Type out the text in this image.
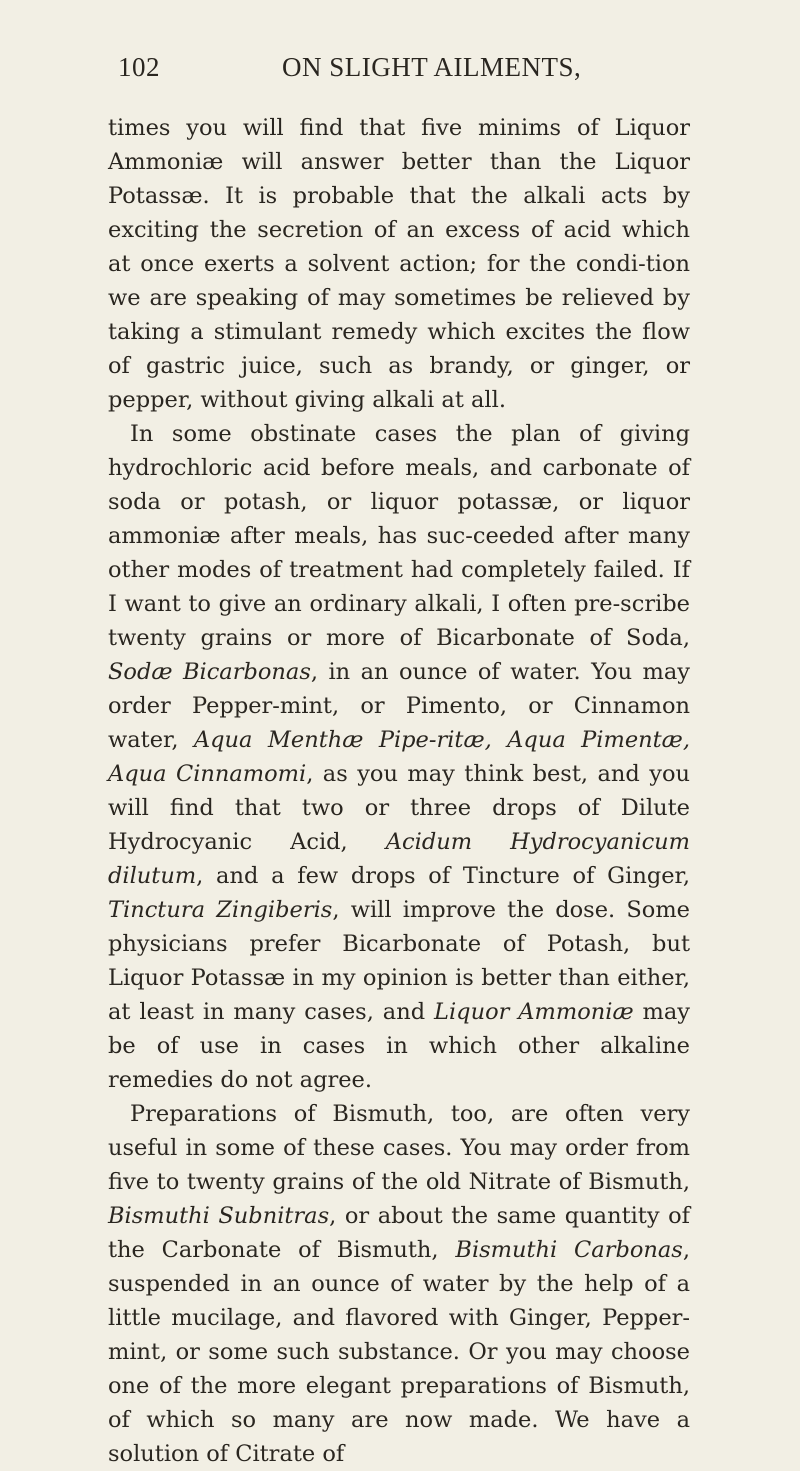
102	ON SLIGHT AILMENTS,

times you will find that five minims of Liquor Ammoniæ will answer better than the Liquor Potassæ. It is probable that the alkali acts by exciting the secretion of an excess of acid which at once exerts a solvent action; for the condi-tion we are speaking of may sometimes be relieved by taking a stimulant remedy which excites the flow of gastric juice, such as brandy, or ginger, or pepper, without giving alkali at all.

In some obstinate cases the plan of giving hydrochloric acid before meals, and carbonate of soda or potash, or liquor potassæ, or liquor ammoniæ after meals, has suc-ceeded after many other modes of treatment had completely failed. If I want to give an ordinary alkali, I often pre-scribe twenty grains or more of Bicarbonate of Soda, Sodæ Bicarbonas, in an ounce of water. You may order Pepper-mint, or Pimento, or Cinnamon water, Aqua Menthæ Pipe-ritæ, Aqua Pimentæ, Aqua Cinnamomi, as you may think best, and you will find that two or three drops of Dilute Hydrocyanic Acid, Acidum Hydrocyanicum dilutum, and a few drops of Tincture of Ginger, Tinctura Zingiberis, will improve the dose. Some physicians prefer Bicarbonate of Potash, but Liquor Potassæ in my opinion is better than either, at least in many cases, and Liquor Ammoniæ may be of use in cases in which other alkaline remedies do not agree.

Preparations of Bismuth, too, are often very useful in some of these cases. You may order from five to twenty grains of the old Nitrate of Bismuth, Bismuthi Subnitras, or about the same quantity of the Carbonate of Bismuth, Bismuthi Carbonas, suspended in an ounce of water by the help of a little mucilage, and flavored with Ginger, Pepper-mint, or some such substance. Or you may choose one of the more elegant preparations of Bismuth, of which so many are now made. We have a solution of Citrate of
